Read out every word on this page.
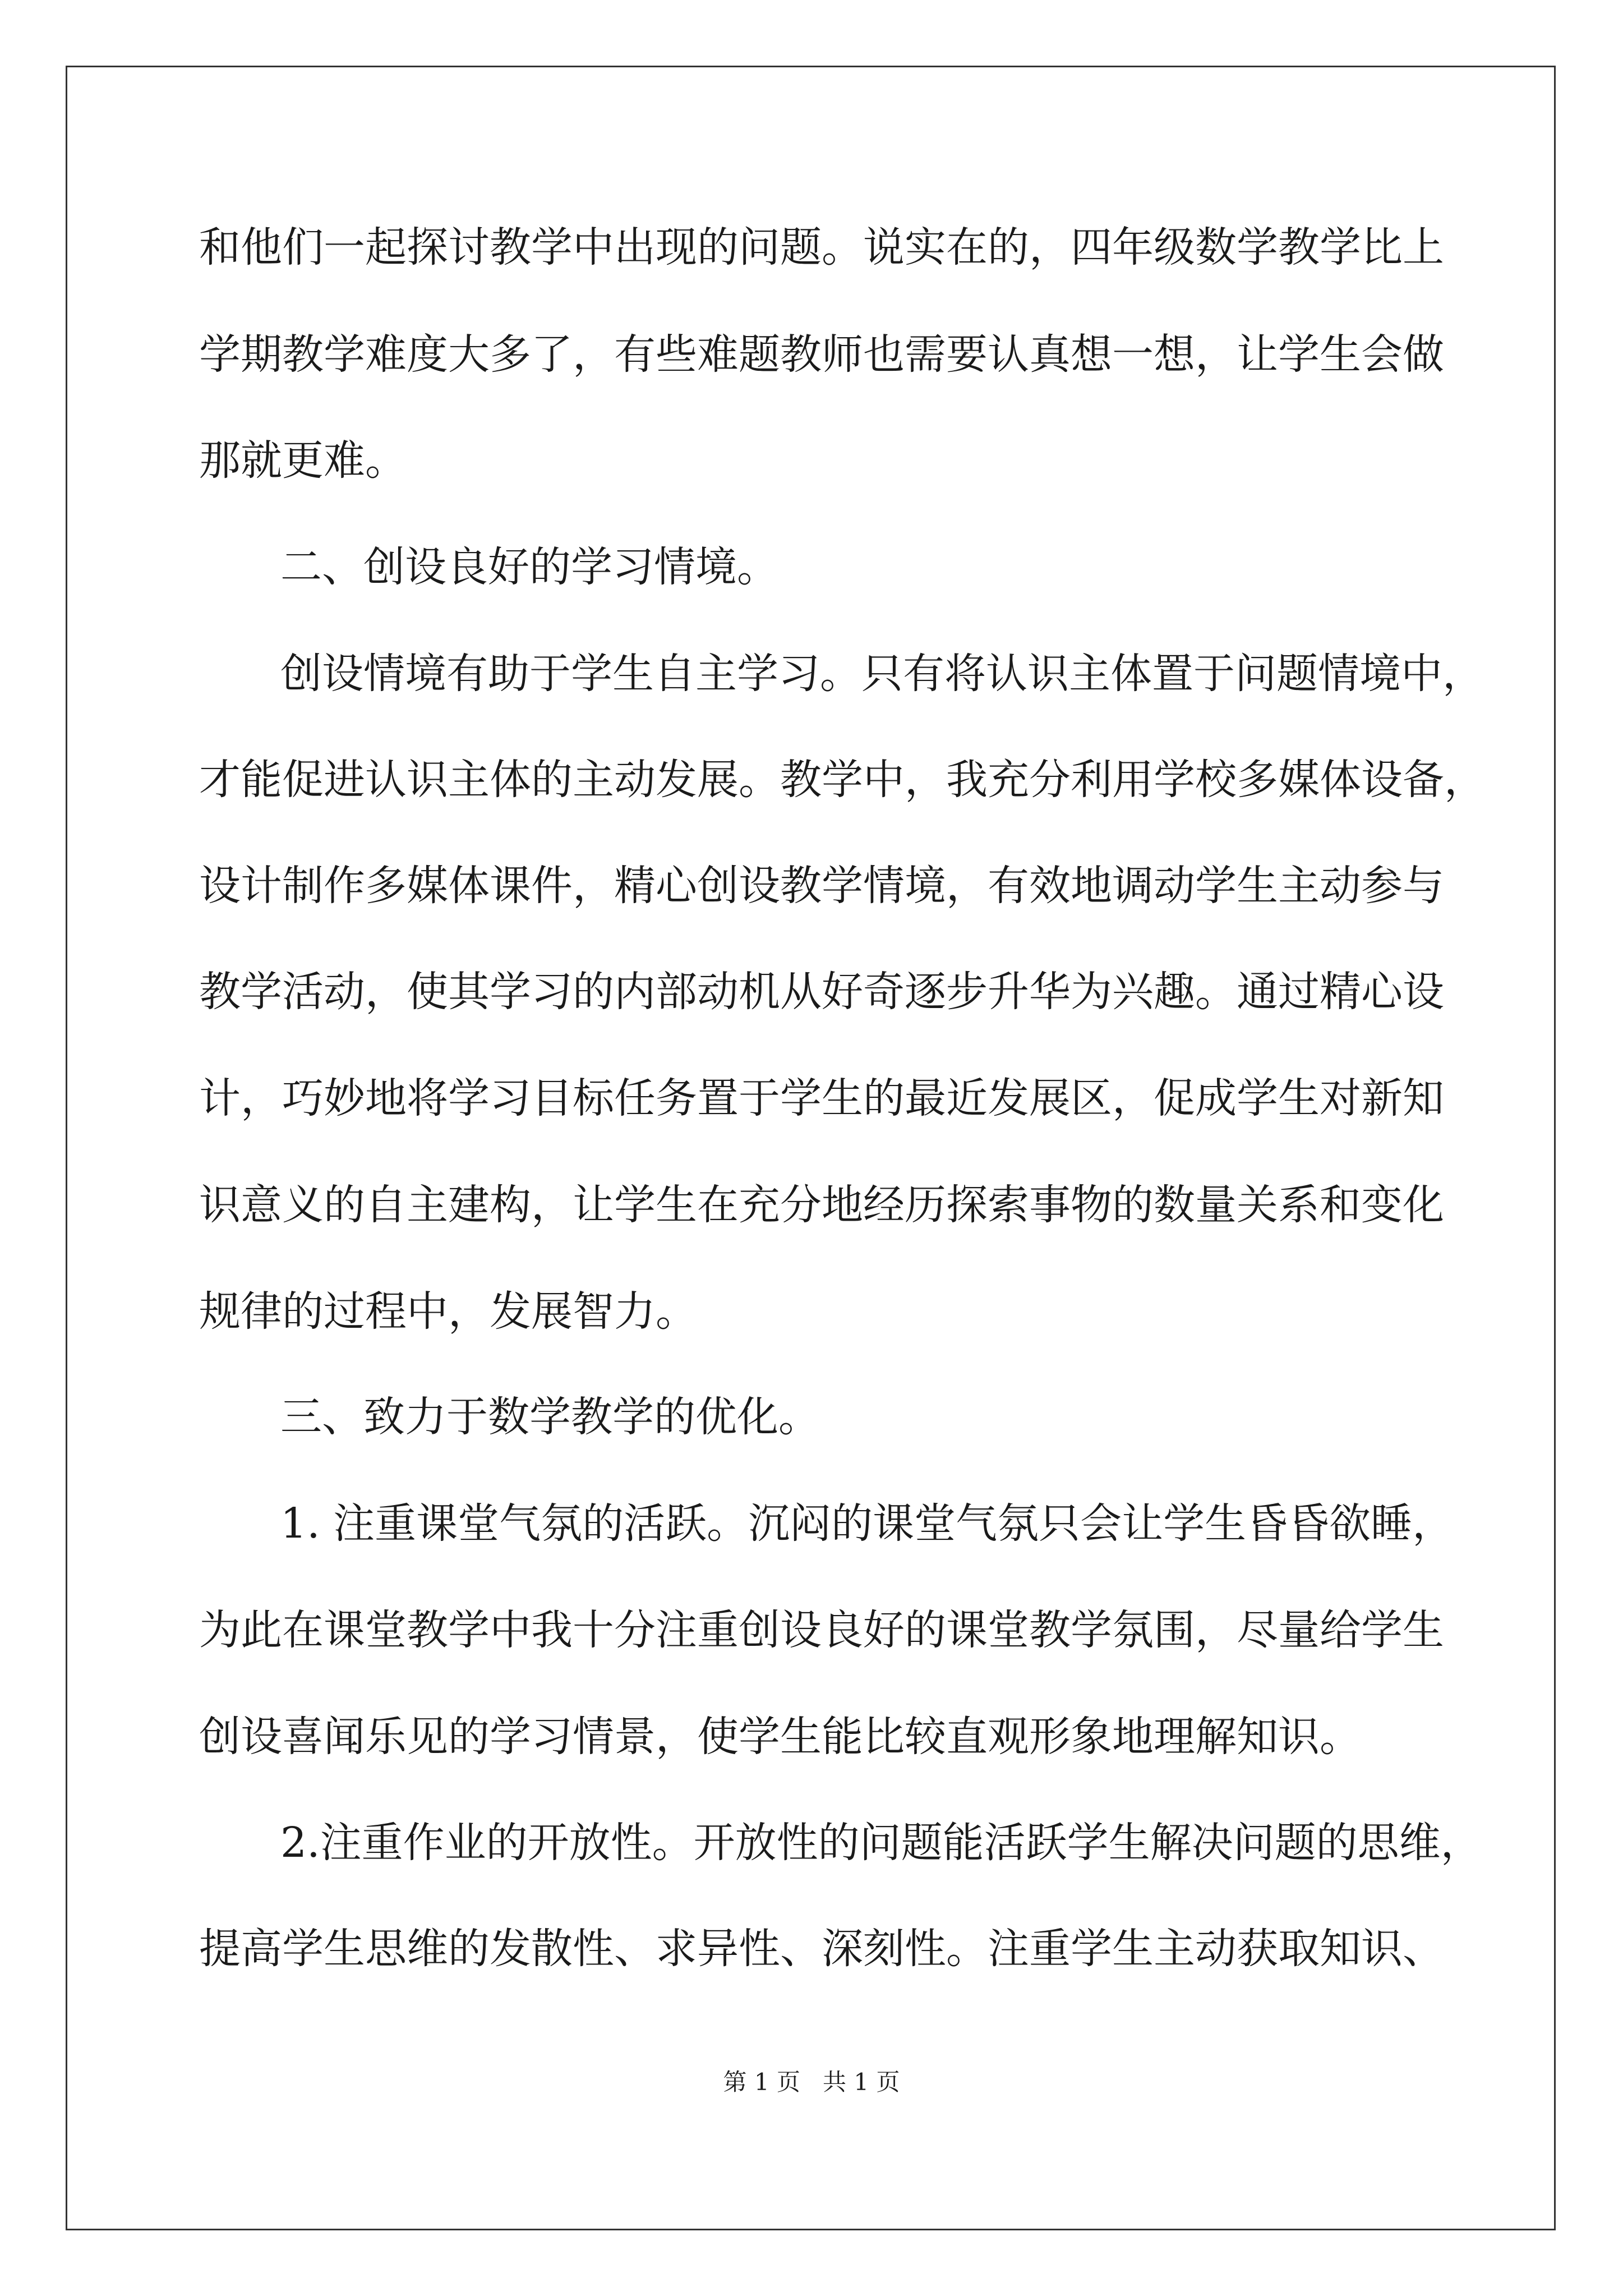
和他们一起探讨教学中出现的问题。说实在的，四年级数学教学比上

学期教学难度大多了，有些难题教师也需要认真想一想，让学生会做

那就更难。

二、创设良好的学习情境。

创设情境有助于学生自主学习。只有将认识主体置于问题情境中，

才能促进认识主体的主动发展。教学中，我充分利用学校多媒体设备，

设计制作多媒体课件，精心创设教学情境，有效地调动学生主动参与

教学活动，使其学习的内部动机从好奇逐步升华为兴趣。通过精心设

计，巧妙地将学习目标任务置于学生的最近发展区，促成学生对新知

识意义的自主建构，让学生在充分地经历探索事物的数量关系和变化

规律的过程中，发展智力。

三、致力于数学教学的优化。

1. 注重课堂气氛的活跃。沉闷的课堂气氛只会让学生昏昏欲睡，

为此在课堂教学中我十分注重创设良好的课堂教学氛围，尽量给学生

创设喜闻乐见的学习情景，使学生能比较直观形象地理解知识。

2.注重作业的开放性。开放性的问题能活跃学生解决问题的思维，

提高学生思维的发散性、求异性、深刻性。注重学生主动获取知识、

第 1 页   共 1 页
